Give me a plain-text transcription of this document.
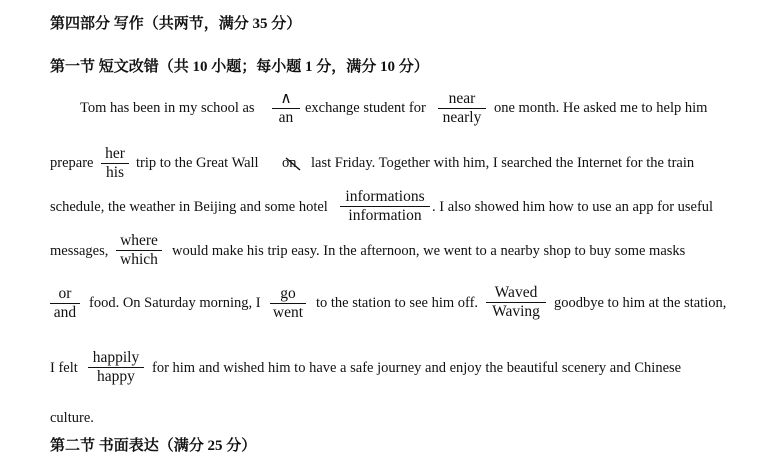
第四部分 写作（共两节，满分 35 分）
第一节 短文改错（共 10 小题；每小题 1 分，满分 10 分）
Tom has been in my school as
∧
an
exchange student for
near
nearly
one month. He asked me to help him
prepare
her
his
trip to the Great Wall on	last Friday. Together with him, I searched the Internet for the train
schedule, the weather in Beijing and some hotel
informations
information . I also showed him how to use an app for useful
messages,
where
which would make his trip easy. In the afternoon, we went to a nearby shop to buy some masks
or
and
food. On Saturday morning, I
go
went
to the station to see him off.
Waved
Waving goodbye to him at the station,
I felt
happily
happy for him and wished him to have a safe journey and enjoy the beautiful scenery and Chinese
culture.
第二节 书面表达（满分 25 分）
